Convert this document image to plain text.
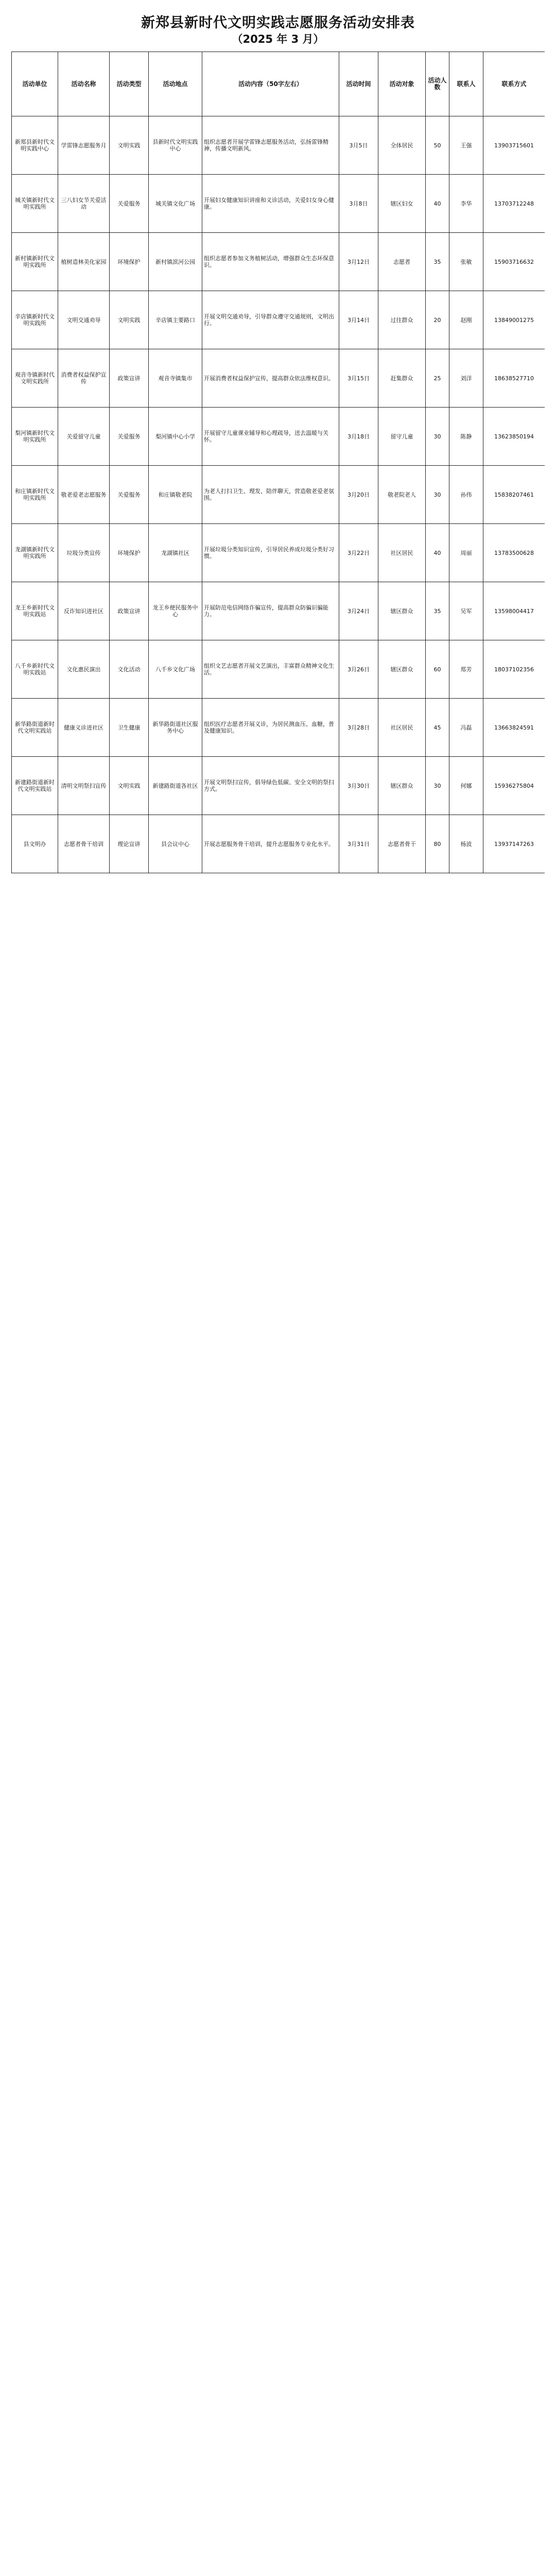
新郑县新时代文明实践志愿服务活动安排表
（2025 年 3 月）
活动单位	活动名称	活动类型	活动地点	活动内容（50字左右）	活动时间	活动对象	活动人数	联系人	联系方式
新郑县新时代文明实践中心	学雷锋志愿服务月	文明实践	县新时代文明实践中心	组织志愿者开展学雷锋志愿服务活动，弘扬雷锋精神，传播文明新风。	3月5日	全体居民	50	王强	13903715601
城关镇新时代文明实践所	三八妇女节关爱活动	关爱服务	城关镇文化广场	开展妇女健康知识讲座和义诊活动，关爱妇女身心健康。	3月8日	辖区妇女	40	李华	13703712248
新村镇新时代文明实践所	植树造林美化家园	环境保护	新村镇滨河公园	组织志愿者参加义务植树活动，增强群众生态环保意识。	3月12日	志愿者	35	张敏	15903716632
辛店镇新时代文明实践所	文明交通劝导	文明实践	辛店镇主要路口	开展文明交通劝导，引导群众遵守交通规则，文明出行。	3月14日	过往群众	20	赵刚	13849001275
观音寺镇新时代文明实践所	消费者权益保护宣传	政策宣讲	观音寺镇集市	开展消费者权益保护宣传，提高群众依法维权意识。	3月15日	赶集群众	25	刘洋	18638527710
梨河镇新时代文明实践所	关爱留守儿童	关爱服务	梨河镇中心小学	开展留守儿童课业辅导和心理疏导，送去温暖与关怀。	3月18日	留守儿童	30	陈静	13623850194
和庄镇新时代文明实践所	敬老爱老志愿服务	关爱服务	和庄镇敬老院	为老人打扫卫生、理发、陪伴聊天，营造敬老爱老氛围。	3月20日	敬老院老人	30	孙伟	15838207461
龙湖镇新时代文明实践所	垃圾分类宣传	环境保护	龙湖镇社区	开展垃圾分类知识宣传，引导居民养成垃圾分类好习惯。	3月22日	社区居民	40	周丽	13783500628
龙王乡新时代文明实践站	反诈知识进社区	政策宣讲	龙王乡便民服务中心	开展防范电信网络诈骗宣传，提高群众防骗识骗能力。	3月24日	辖区群众	35	吴军	13598004417
八千乡新时代文明实践站	文化惠民演出	文化活动	八千乡文化广场	组织文艺志愿者开展文艺演出，丰富群众精神文化生活。	3月26日	辖区群众	60	郑芳	18037102356
新华路街道新时代文明实践站	健康义诊进社区	卫生健康	新华路街道社区服务中心	组织医疗志愿者开展义诊，为居民测血压、血糖，普及健康知识。	3月28日	社区居民	45	冯磊	13663824591
新建路街道新时代文明实践站	清明文明祭扫宣传	文明实践	新建路街道各社区	开展文明祭扫宣传，倡导绿色低碳、安全文明的祭扫方式。	3月30日	辖区群众	30	何娜	15936275804
县文明办	志愿者骨干培训	理论宣讲	县会议中心	开展志愿服务骨干培训，提升志愿服务专业化水平。	3月31日	志愿者骨干	80	杨波	13937147263
